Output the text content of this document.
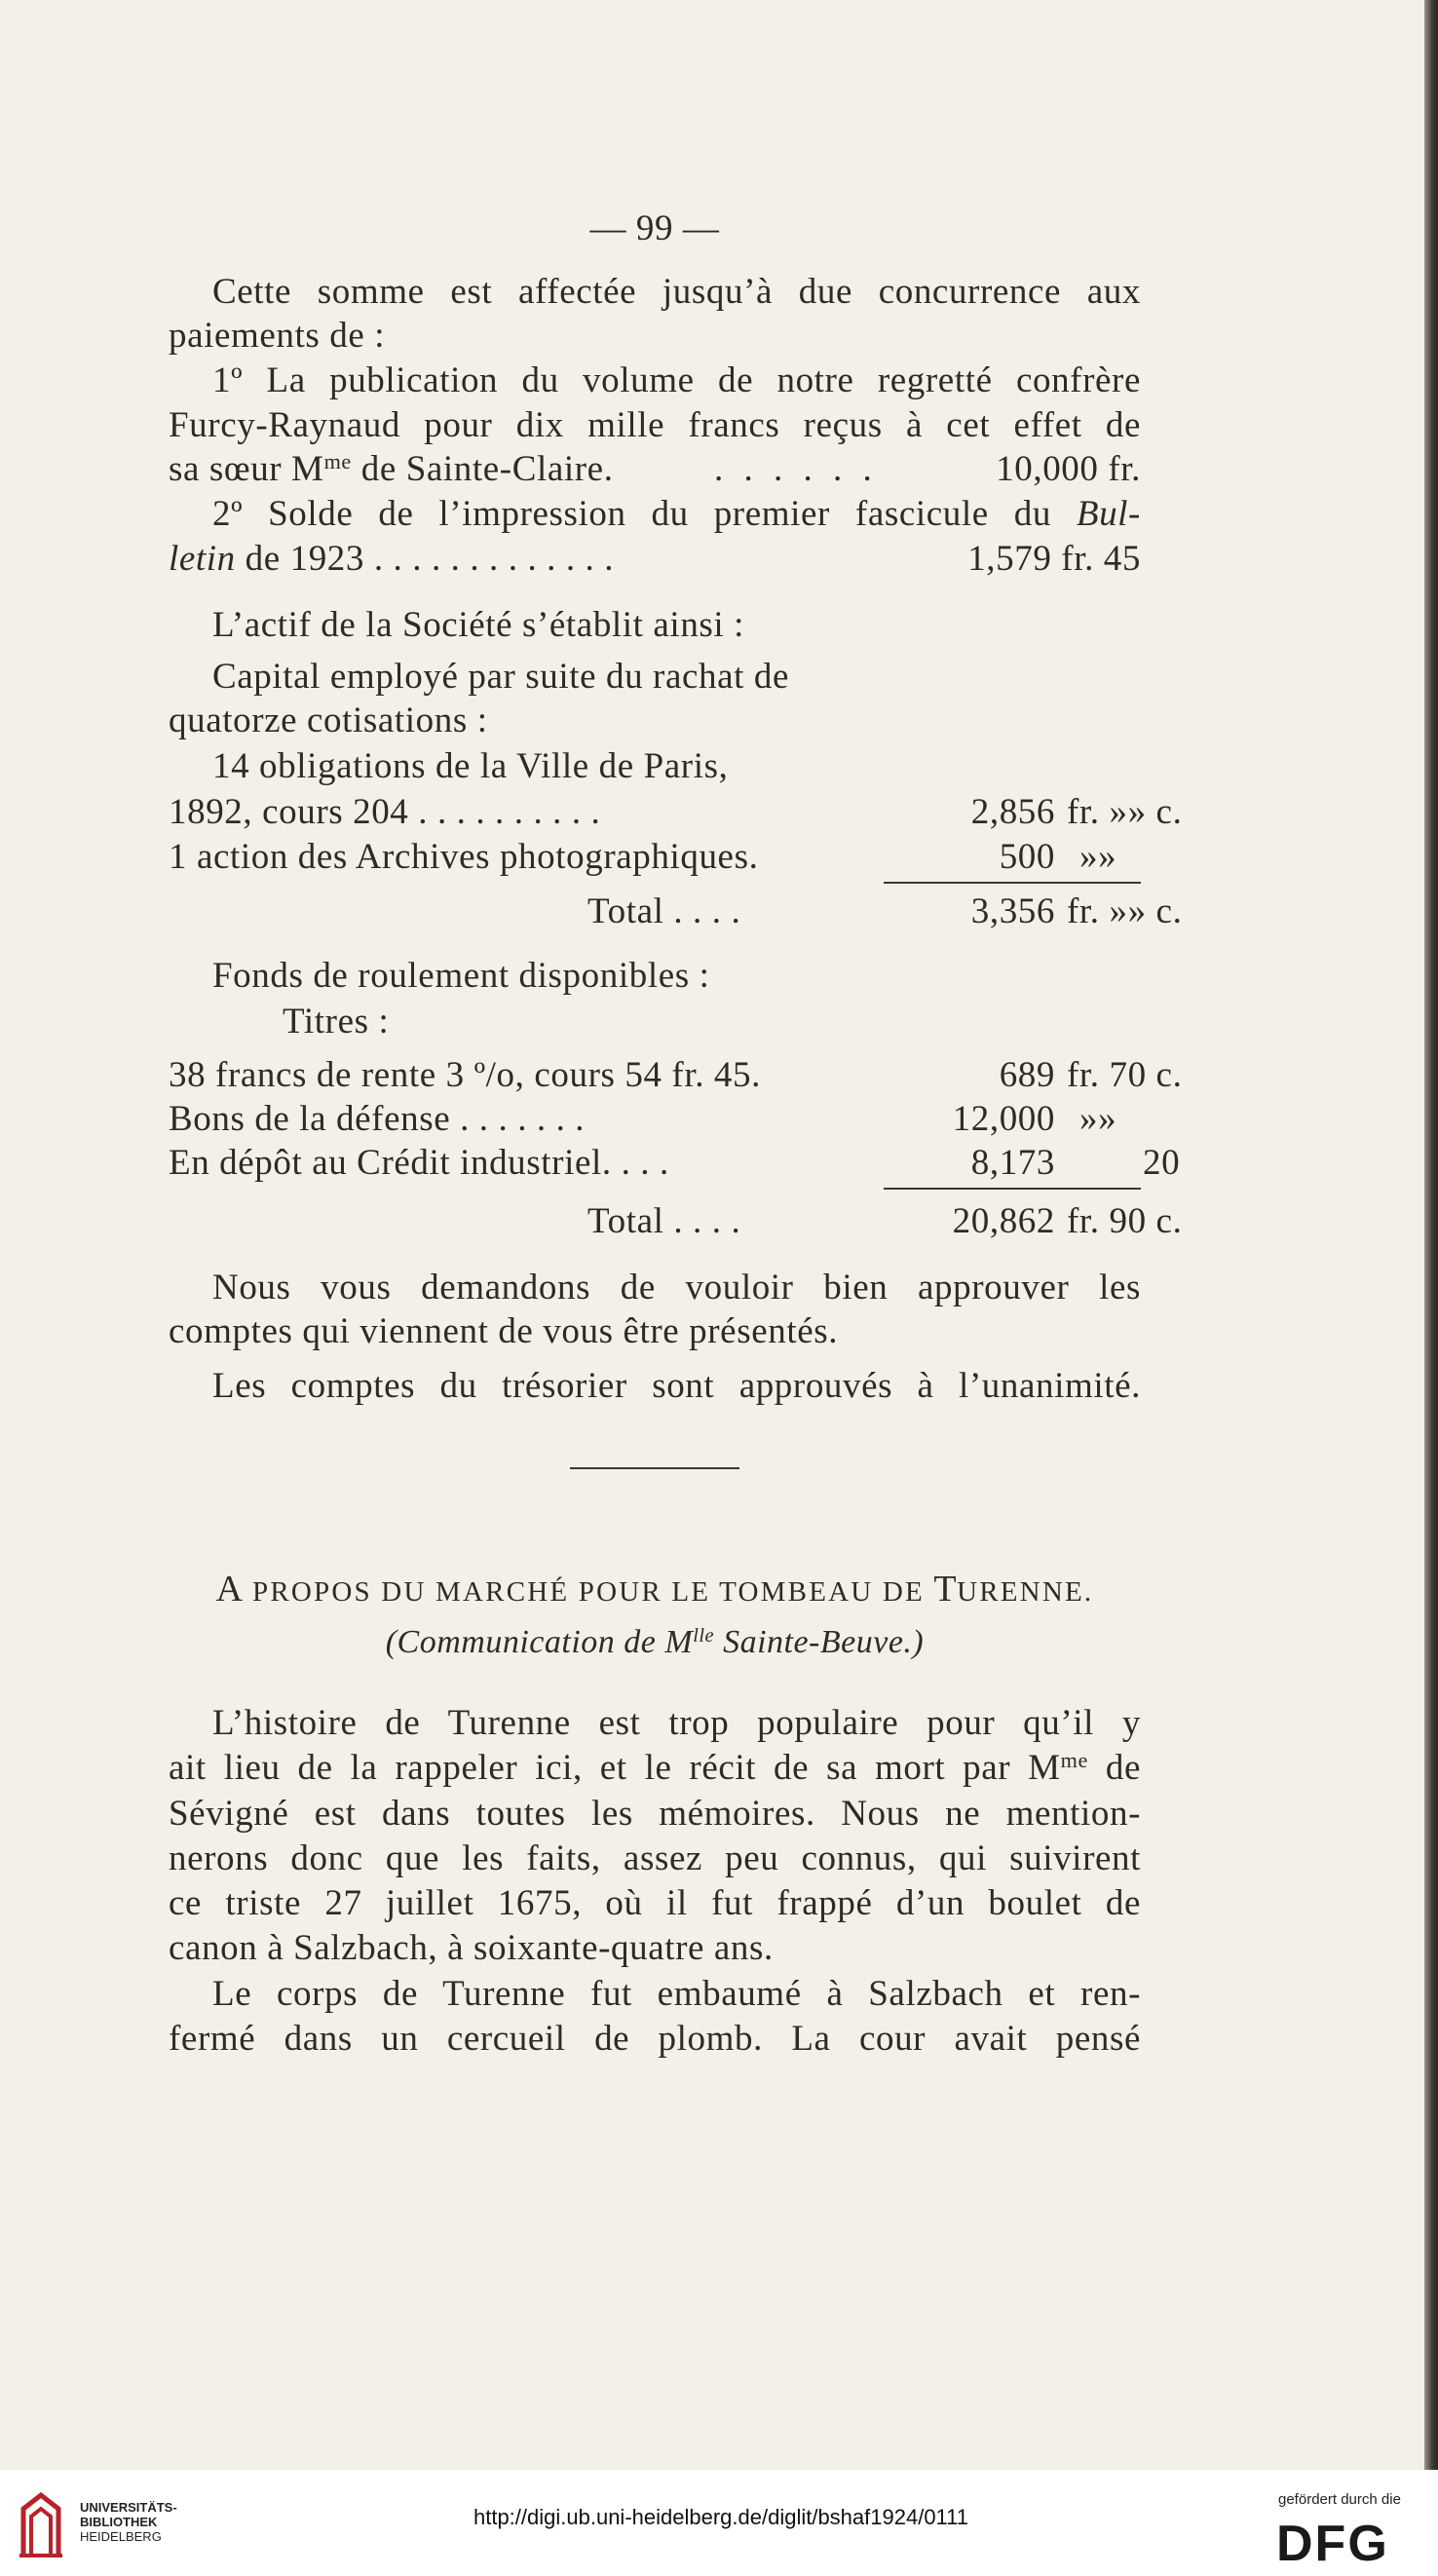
— 99 —
Cette somme est affectée jusqu’à due concurrence aux
paiements de :
1º La publication du volume de notre regretté confrère
Furcy-Raynaud pour dix mille francs reçus à cet effet de
sa sœur $M^{me}$ de Sainte-Claire.	. . . . . .	10,000 fr.
2º Solde de l’impression du premier fascicule du Bul-
letin de 1923 . . . . . . . . . . . . .	1,579 fr. 45
L’actif de la Société s’établit ainsi :
Capital employé par suite du rachat de
quatorze cotisations :
14 obligations de la Ville de Paris,
1892, cours 204 . . . . . . . . . .	2,856 fr. »» c.
1 action des Archives photographiques.	500 »»
Total . . . .	3,356 fr. »» c.
Fonds de roulement disponibles :
Titres :
38 francs de rente 3 º/o, cours 54 fr. 45.	689 fr. 70 c.
Bons de la défense . . . . . . .	12,000 »»
En dépôt au Crédit industriel. . . .	8,173 20
Total . . . .	20,862 fr. 90 c.
Nous vous demandons de vouloir bien approuver les
comptes qui viennent de vous être présentés.
Les comptes du trésorier sont approuvés à l’unanimité.
A PROPOS DU MARCHÉ POUR LE TOMBEAU DE TURENNE.
(Communication de $M^{lle}$ Sainte-Beuve.)
L’histoire de Turenne est trop populaire pour qu’il y
ait lieu de la rappeler ici, et le récit de sa mort par $M^{me}$ de
Sévigné est dans toutes les mémoires. Nous ne mention-
nerons donc que les faits, assez peu connus, qui suivirent
ce triste 27 juillet 1675, où il fut frappé d’un boulet de
canon à Salzbach, à soixante-quatre ans.
Le corps de Turenne fut embaumé à Salzbach et ren-
fermé dans un cercueil de plomb. La cour avait pensé
UNIVERSITÄTS-
BIBLIOTHEK
HEIDELBERG
http://digi.ub.uni-heidelberg.de/diglit/bshaf1924/0111
gefördert durch die
DFG
